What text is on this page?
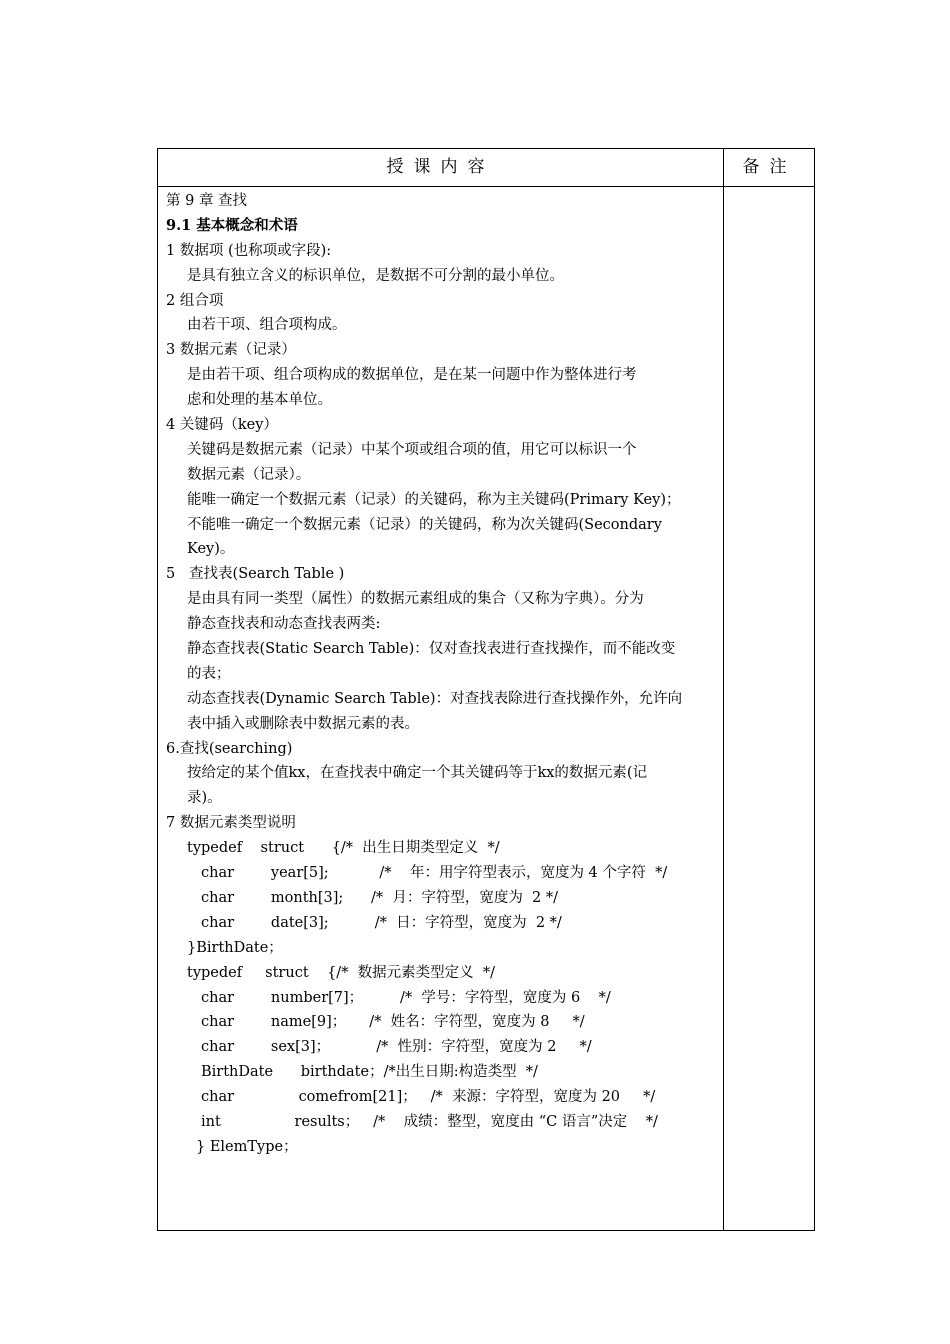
授课内容	备注
第 9 章 查找
9.1 基本概念和术语
1 数据项 (也称项或字段):
是具有独立含义的标识单位，是数据不可分割的最小单位。
2 组合项
由若干项、组合项构成。
3 数据元素（记录）
是由若干项、组合项构成的数据单位，是在某一问题中作为整体进行考
虑和处理的基本单位。
4 关键码（key）
关键码是数据元素（记录）中某个项或组合项的值，用它可以标识一个
数据元素（记录）。
能唯一确定一个数据元素（记录）的关键码，称为主关键码(Primary Key)；
不能唯一确定一个数据元素（记录）的关键码，称为次关键码(Secondary
Key)。
5   查找表(Search Table )
是由具有同一类型（属性）的数据元素组成的集合（又称为字典）。分为
静态查找表和动态查找表两类:
静态查找表(Static Search Table)：仅对查找表进行查找操作，而不能改变
的表；
动态查找表(Dynamic Search Table)：对查找表除进行查找操作外，允许向
表中插入或删除表中数据元素的表。
6.查找(searching)
按给定的某个值kx，在查找表中确定一个其关键码等于kx的数据元素(记
录)。
7 数据元素类型说明
typedef    struct      {/*  出生日期类型定义  */
char        year[5];           /*    年：用字符型表示，宽度为 4 个字符  */
char        month[3];      /*  月：字符型，宽度为  2 */
char        date[3];          /*  日：字符型，宽度为  2 */
}BirthDate；
typedef     struct    {/*  数据元素类型定义  */
char        number[7]；        /*  学号：字符型，宽度为 6    */
char        name[9]；     /*  姓名：字符型，宽度为 8     */
char        sex[3]；          /*  性别：字符型，宽度为 2     */
BirthDate      birthdate；/*出生日期:构造类型  */
char              comefrom[21]；   /*  来源：字符型，宽度为 20     */
int                results；   /*    成绩：整型，宽度由 “C 语言”决定    */
} ElemType；
